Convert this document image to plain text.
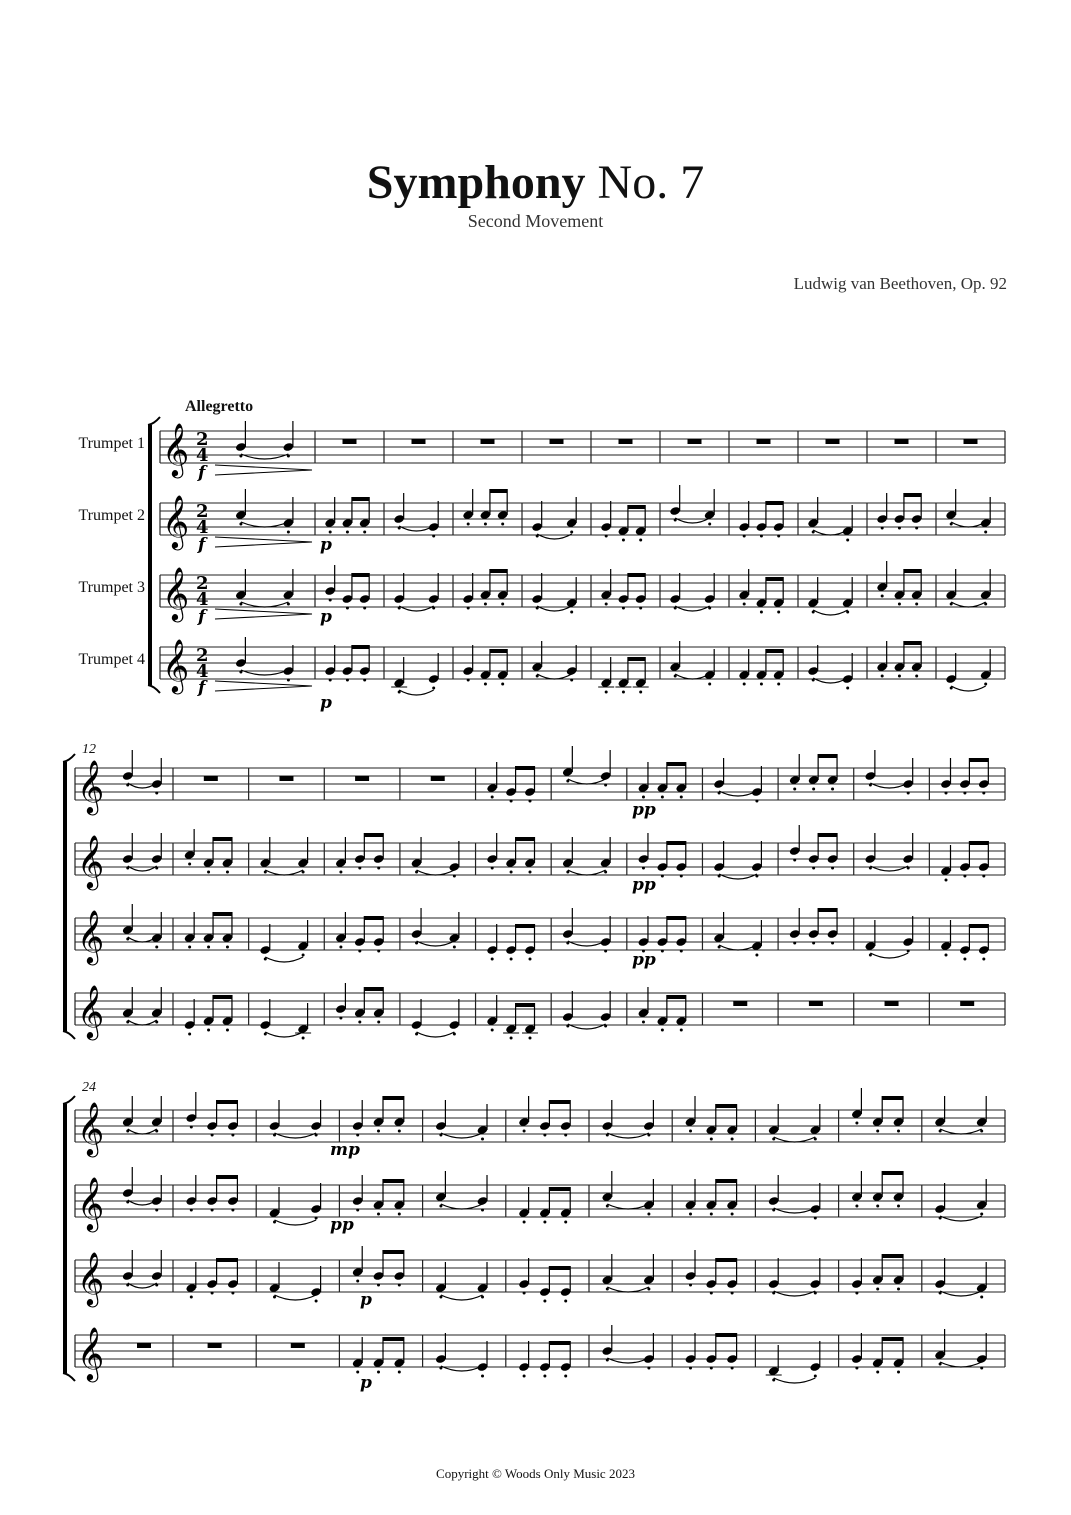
Symphony No. 7
Second Movement
Ludwig van Beethoven, Op. 92
Allegretto
Trumpet 1
Trumpet 2
Trumpet 3
Trumpet 4
12
24
𝄞 2
4
𝄞 2
4
𝄞 2
4
𝄞 2
4
𝄞
𝄞
𝄞
𝄞
𝄞
𝄞
𝄞
𝄞
f
f
f
f
p
p
p
pp
pp
pp
mp
pp
p
p
Copyright © Woods Only Music 2023
